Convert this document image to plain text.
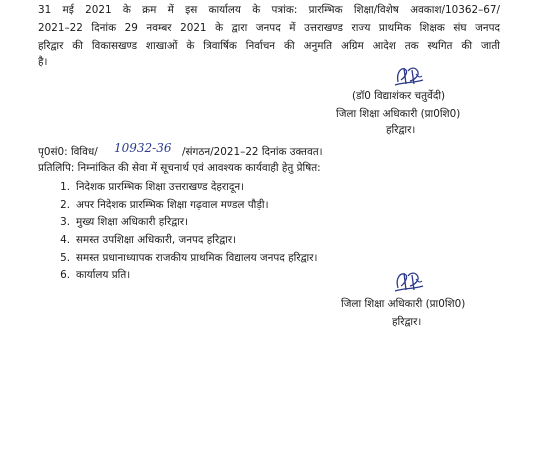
31 मई 2021 के क्रम में इस कार्यालय के पत्रांक: प्रारम्भिक शिक्षा/विशेष अवकाश/10362–67/
2021–22 दिनांक 29 नवम्बर 2021 के द्वारा जनपद में उत्तराखण्ड राज्य प्राथमिक शिक्षक संघ जनपद
हरिद्वार की विकासखण्ड शाखाओं के त्रिवार्षिक निर्वाचन की अनुमति अग्रिम आदेश तक स्थगित की जाती
है।
(डॉ0 विद्याशंकर चतुर्वेदी)
जिला शिक्षा अधिकारी (प्रा0शि0)
हरिद्वार।
पृ0सं0: विविध/ 10932-36 /संगठन/2021–22 दिनांक उक्तवत।
प्रतिलिपि: निम्नांकित की सेवा में सूचनार्थ एवं आवश्यक कार्यवाही हेतु प्रेषित:
1. निदेशक प्रारम्भिक शिक्षा उत्तराखण्ड देहरादून।
2. अपर निदेशक प्रारम्भिक शिक्षा गढ़वाल मण्डल पौड़ी।
3. मुख्य शिक्षा अधिकारी हरिद्वार।
4. समस्त उपशिक्षा अधिकारी, जनपद हरिद्वार।
5. समस्त प्रधानाध्यापक राजकीय प्राथमिक विद्यालय जनपद हरिद्वार।
6. कार्यालय प्रति।
जिला शिक्षा अधिकारी (प्रा0शि0)
हरिद्वार।
